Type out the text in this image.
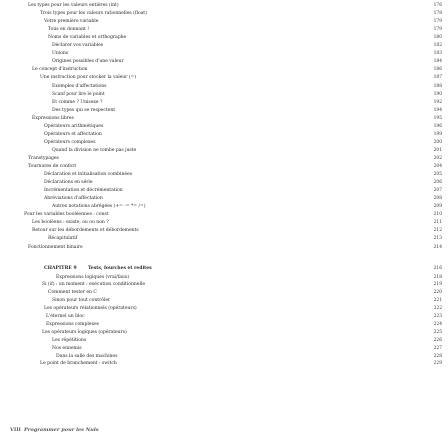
Les types pour les valeurs entières (int)	176
Trois types pour les valeurs rationnelles (float)	178
Votre première variable	179
Tous en donnant !	179
Noms de variables et orthographe	180
Déclarer vos variables	182
Unions	183
Origines possibles d'une valeur	184
Le concept d'instruction	186
Une instruction pour stocker la valeur (=)	187
Exemples d'affectations	188
Scanf pour lire le point	190
Et comme ? Unisexe ?	192
Des types qui se respectent	194
Expressions libres	195
Opérateurs arithmétiques	196
Opérateurs et affectation	199
Opérateurs complexes	200
Quand la division ne tombe pas juste	201
Transtypages	202
Tournures de confort	204
Déclaration et initialisation combinées	205
Déclarations en série	206
Incrémentation et décrémentation	207
Abréviations d'affectation	208
Autres notations abrégées (+= -= *= /=)	209
Pour les variables booléennes : const	210
Les booléens : existe, ou ou non ?	211
Retour sur les débordements et débordements	212
Récapitulatif	213
Fonctionnement binaire	214
CHAPITRE 9 Tests, fourches et redites	216
Expressions logiques (vrai/faux)	218
Si (if) : un moment : exécution conditionnelle	219
Comment tester en C	220
Sinon pour tout contrôler	221
Les opérateurs relationnels (opérateurs)	222
L'éternel un bloc	223
Expressions complexes	224
Les opérateurs logiques (opérateurs)	225
Les répétitions	226
Nos ennemis	227
Dans la salle des machines	228
Le point de branchement : switch	229
VIII Programmer pour les Nuls
